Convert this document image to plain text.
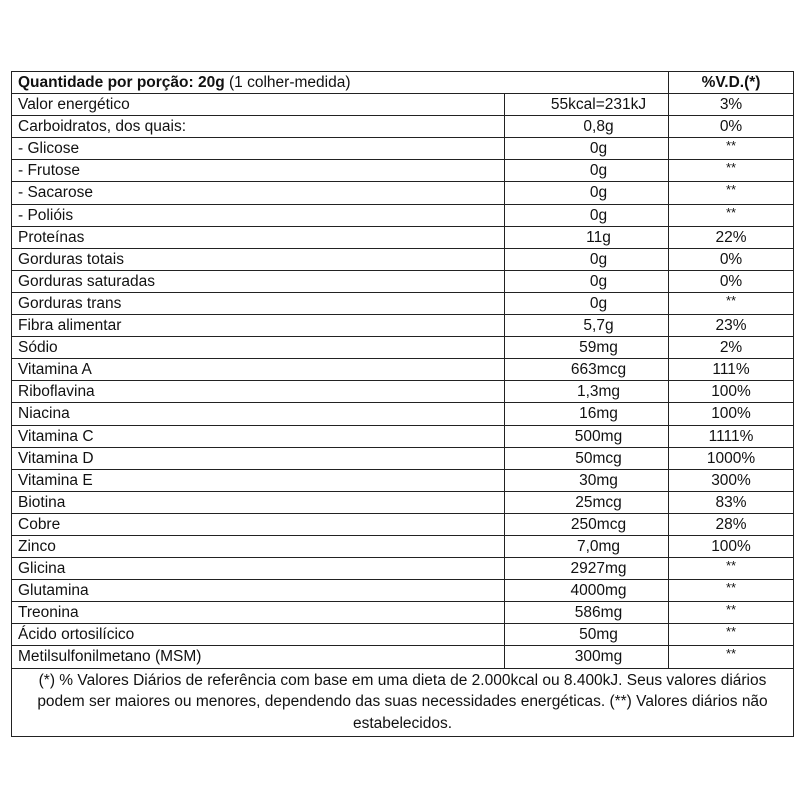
Quantidade por porção: 20g (1 colher-medida)		%V.D.(*)
Valor energético	55kcal=231kJ	3%
Carboidratos, dos quais:	0,8g	0%
- Glicose	0g	**
- Frutose	0g	**
- Sacarose	0g	**
- Polióis	0g	**
Proteínas	11g	22%
Gorduras totais	0g	0%
Gorduras saturadas	0g	0%
Gorduras trans	0g	**
Fibra alimentar	5,7g	23%
Sódio	59mg	2%
Vitamina A	663mcg	111%
Riboflavina	1,3mg	100%
Niacina	16mg	100%
Vitamina C	500mg	1111%
Vitamina D	50mcg	1000%
Vitamina E	30mg	300%
Biotina	25mcg	83%
Cobre	250mcg	28%
Zinco	7,0mg	100%
Glicina	2927mg	**
Glutamina	4000mg	**
Treonina	586mg	**
Ácido ortosilícico	50mg	**
Metilsulfonilmetano (MSM)	300mg	**
(*) % Valores Diários de referência com base em uma dieta de 2.000kcal ou 8.400kJ. Seus valores diários podem ser maiores ou menores, dependendo das suas necessidades energéticas. (**) Valores diários não estabelecidos.		
